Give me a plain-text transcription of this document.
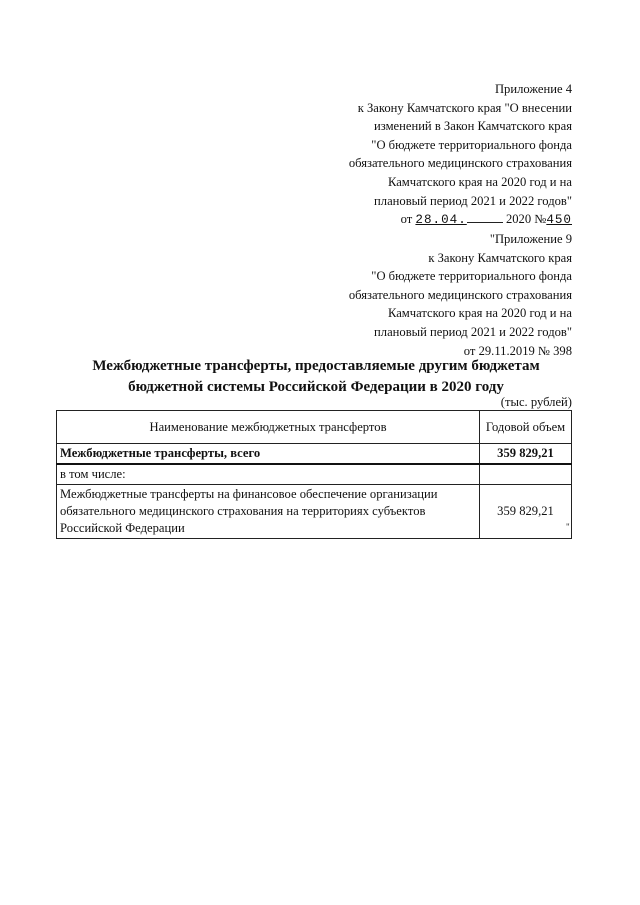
Приложение 4
к Закону Камчатского края "О внесении
изменений в Закон Камчатского края
"О бюджете территориального фонда
обязательного медицинского страхования
Камчатского края на 2020 год и на
плановый период 2021 и 2022 годов"
от 28.04.	2020 №450
"Приложение 9
к Закону Камчатского края
"О бюджете территориального фонда
обязательного медицинского страхования
Камчатского края на 2020 год и на
плановый период 2021 и 2022 годов"
от 29.11.2019 № 398
Межбюджетные трансферты, предоставляемые другим бюджетам
бюджетной системы Российской Федерации в 2020 году
(тыс. рублей)
Наименование межбюджетных трансфертов	Годовой объем
Межбюджетные трансферты, всего	359 829,21
в том числе:	
Межбюджетные трансферты на финансовое обеспечение организации обязательного медицинского страхования на территориях субъектов Российской Федерации	359 829,21
"
